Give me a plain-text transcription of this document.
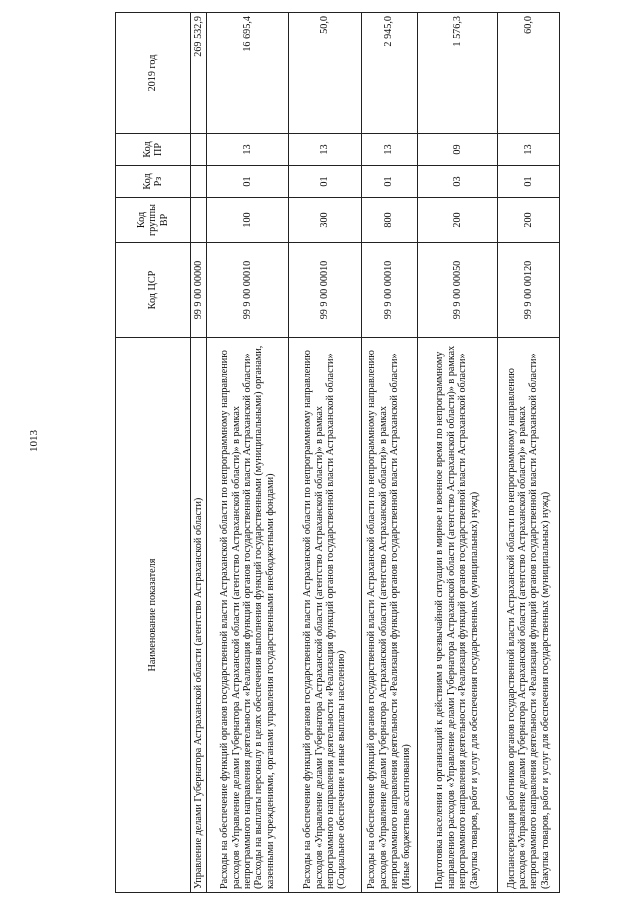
1013
Наименование показателя	Код ЦСР	Код группы ВР	Код Рз	Код ПР	2019 год
Управление делами Губернатора Астраханской области (агентство Астраханской области)	99 9 00 00000				269 532,9
Расходы на обеспечение функций органов государственной власти Астраханской области по непрограммному направлению расходов «Управление делами Губернатора Астраханской области (агентство Астраханской области)» в рамках непрограммного направления деятельности «Реализация функций органов государственной власти Астраханской области» (Расходы на выплаты персоналу в целях обеспечения выполнения функций государственными (муниципальными) органами, казенными учреждениями, органами управления государственными внебюджетными фондами)	99 9 00 00010	100	01	13	16 695,4
Расходы на обеспечение функций органов государственной власти Астраханской области по непрограммному направлению расходов «Управление делами Губернатора Астраханской области (агентство Астраханской области)» в рамках непрограммного направления деятельности «Реализация функций органов государственной власти Астраханской области» (Социальное обеспечение и иные выплаты населению)	99 9 00 00010	300	01	13	50,0
Расходы на обеспечение функций органов государственной власти Астраханской области по непрограммному направлению расходов «Управление делами Губернатора Астраханской области (агентство Астраханской области)» в рамках непрограммного направления деятельности «Реализация функций органов государственной власти Астраханской области» (Иные бюджетные ассигнования)	99 9 00 00010	800	01	13	2 945,0
Подготовка населения и организаций к действиям в чрезвычайной ситуации в мирное и военное время по непрограммному направлению расходов «Управление делами Губернатора Астраханской области (агентство Астраханской области)» в рамках непрограммного направления деятельности «Реализация функций органов государственной власти Астраханской области» (Закупка товаров, работ и услуг для обеспечения государственных (муниципальных) нужд)	99 9 00 00050	200	03	09	1 576,3
Диспансеризация работников органов государственной власти Астраханской области по непрограммному направлению расходов «Управление делами Губернатора Астраханской области (агентство Астраханской области)» в рамках непрограммного направления деятельности «Реализация функций органов государственной власти Астраханской области» (Закупка товаров, работ и услуг для обеспечения государственных (муниципальных) нужд)	99 9 00 00120	200	01	13	60,0
